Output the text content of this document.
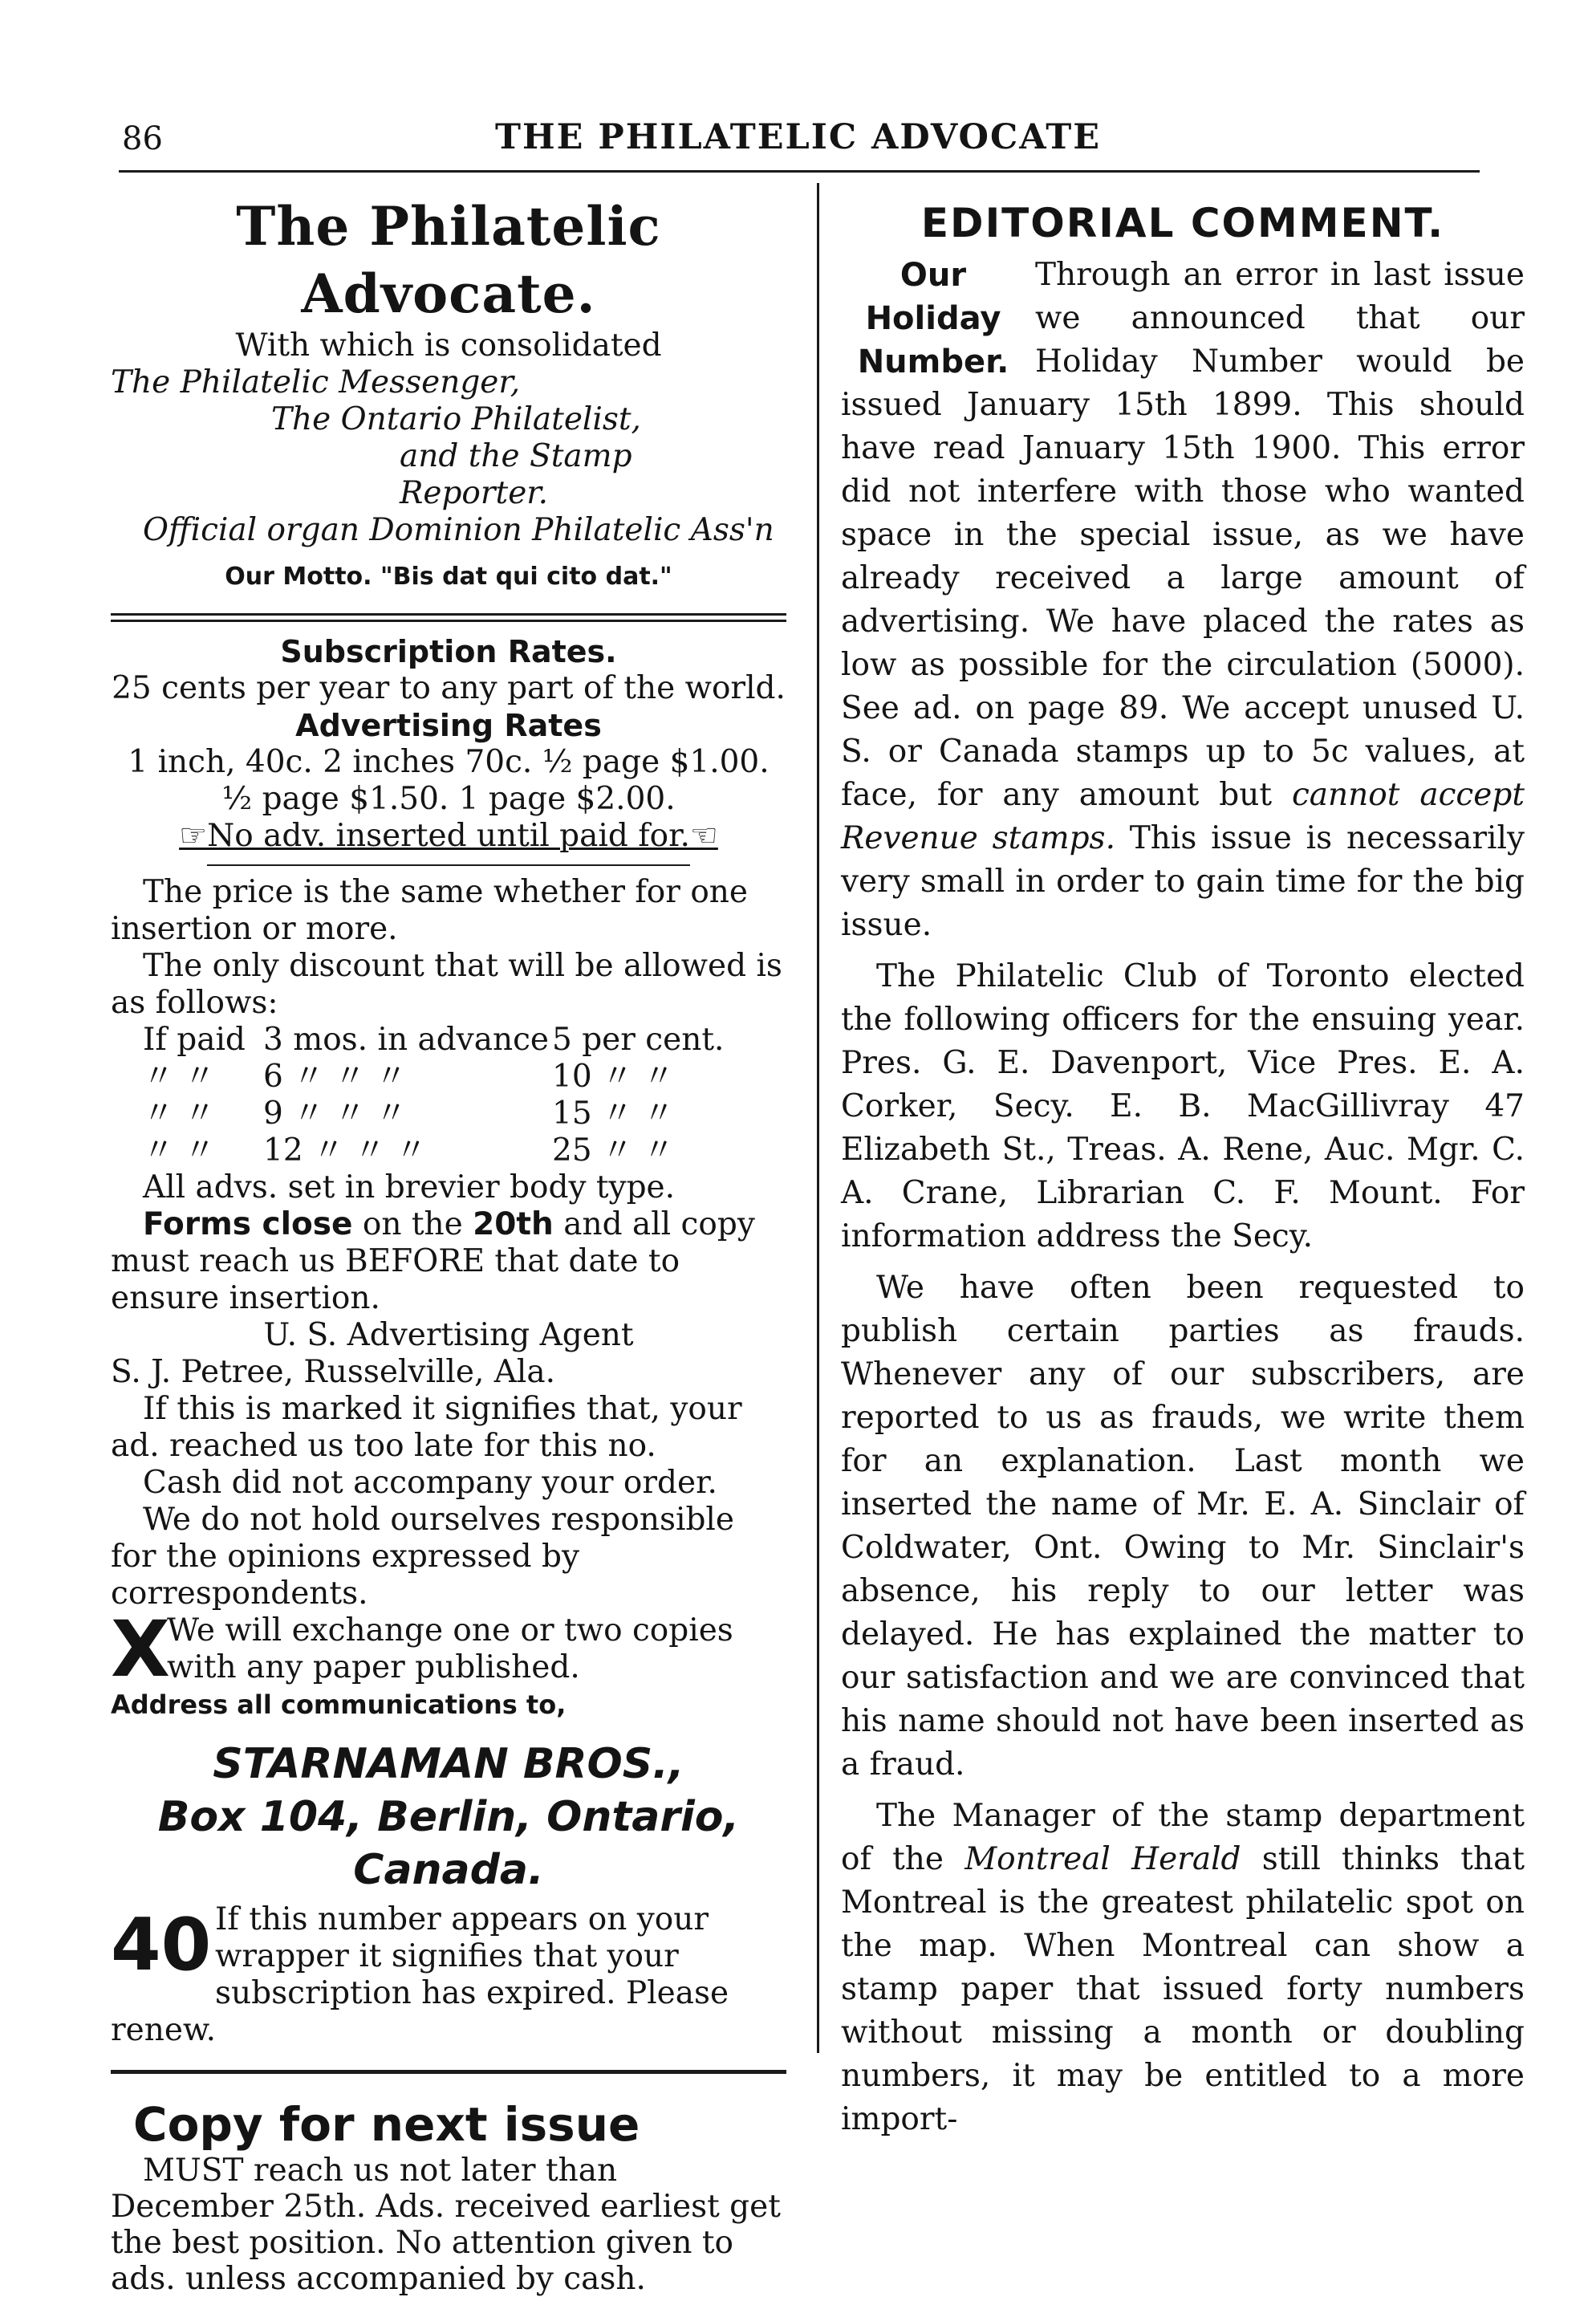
86	THE PHILATELIC ADVOCATE
The Philatelic Advocate.
With which is consolidated
The Philatelic Messenger,
The Ontario Philatelist,
and the Stamp Reporter.
Official organ Dominion Philatelic Ass'n
Our Motto. "Bis dat qui cito dat."
Subscription Rates.
25 cents per year to any part of the world.
Advertising Rates
1 inch, 40c. 2 inches 70c. ½ page $1.00.
½ page $1.50. 1 page $2.00.
☞No adv. inserted until paid for.☜
The price is the same whether for one insertion or more.
The only discount that will be allowed is as follows:
If paid	3 mos. in advance	5 per cent.
〃 〃	6 〃 〃 〃	10 〃 〃
〃 〃	9 〃 〃 〃	15 〃 〃
〃 〃	12 〃 〃 〃	25 〃 〃
All advs. set in brevier body type.
Forms close on the 20th and all copy must reach us BEFORE that date to ensure insertion.
U. S. Advertising Agent
S. J. Petree, Russelville, Ala.
If this is marked it signifies that, your ad. reached us too late for this no.
Cash did not accompany your order.
We do not hold ourselves responsible for the opinions expressed by correspondents.
X
We will exchange one or two copies with any paper published.
Address all communications to,
STARNAMAN BROS.,
Box 104, Berlin, Ontario, Canada.
40 If this number appears on your wrapper it signifies that your subscription has expired. Please renew.
Copy for next issue
MUST reach us not later than December 25th. Ads. received earliest get the best position. No attention given to ads. unless accompanied by cash.
EDITORIAL COMMENT.
Our Holiday Number.
Through an error in last issue we announced that our Holiday Number would be issued January 15th 1899. This should have read January 15th 1900. This error did not interfere with those who wanted space in the special issue, as we have already received a large amount of advertising. We have placed the rates as low as possible for the circulation (5000). See ad. on page 89. We accept unused U. S. or Canada stamps up to 5c values, at face, for any amount but cannot accept Revenue stamps. This issue is necessarily very small in order to gain time for the big issue.
The Philatelic Club of Toronto elected the following officers for the ensuing year. Pres. G. E. Davenport, Vice Pres. E. A. Corker, Secy. E. B. MacGillivray 47 Elizabeth St., Treas. A. Rene, Auc. Mgr. C. A. Crane, Librarian C. F. Mount. For information address the Secy.
We have often been requested to publish certain parties as frauds. Whenever any of our subscribers, are reported to us as frauds, we write them for an explanation. Last month we inserted the name of Mr. E. A. Sinclair of Coldwater, Ont. Owing to Mr. Sinclair's absence, his reply to our letter was delayed. He has explained the matter to our satisfaction and we are convinced that his name should not have been inserted as a fraud.
The Manager of the stamp department of the Montreal Herald still thinks that Montreal is the greatest philatelic spot on the map. When Montreal can show a stamp paper that issued forty numbers without missing a month or doubling numbers, it may be entitled to a more import-
